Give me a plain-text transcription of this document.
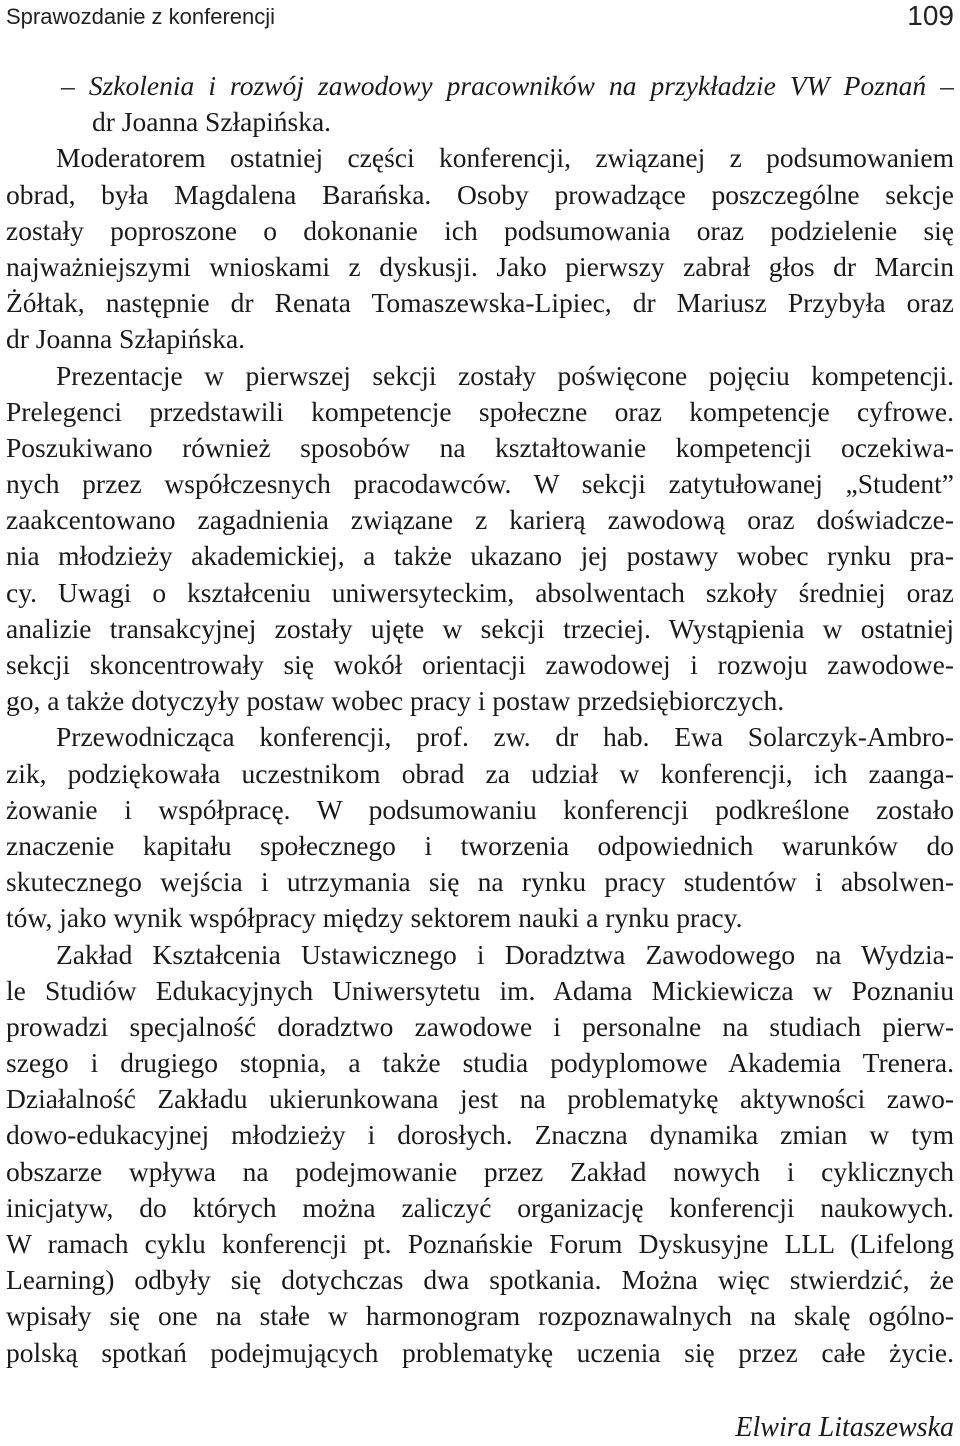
Sprawozdanie z konferencji	109
– Szkolenia i rozwój zawodowy pracowników na przykładzie VW Poznań –
dr Joanna Szłapińska.
Moderatorem ostatniej części konferencji, związanej z podsumowaniem
obrad, była Magdalena Barańska. Osoby prowadzące poszczególne sekcje
zostały poproszone o dokonanie ich podsumowania oraz podzielenie się
najważniejszymi wnioskami z dyskusji. Jako pierwszy zabrał głos dr Marcin
Żółtak, następnie dr Renata Tomaszewska-Lipiec, dr Mariusz Przybyła oraz
dr Joanna Szłapińska.
Prezentacje w pierwszej sekcji zostały poświęcone pojęciu kompetencji.
Prelegenci przedstawili kompetencje społeczne oraz kompetencje cyfrowe.
Poszukiwano również sposobów na kształtowanie kompetencji oczekiwa-
nych przez współczesnych pracodawców. W sekcji zatytułowanej „Student”
zaakcentowano zagadnienia związane z karierą zawodową oraz doświadcze-
nia młodzieży akademickiej, a także ukazano jej postawy wobec rynku pra-
cy. Uwagi o kształceniu uniwersyteckim, absolwentach szkoły średniej oraz
analizie transakcyjnej zostały ujęte w sekcji trzeciej. Wystąpienia w ostatniej
sekcji skoncentrowały się wokół orientacji zawodowej i rozwoju zawodowe-
go, a także dotyczyły postaw wobec pracy i postaw przedsiębiorczych.
Przewodnicząca konferencji, prof. zw. dr hab. Ewa Solarczyk-Ambro-
zik, podziękowała uczestnikom obrad za udział w konferencji, ich zaanga-
żowanie i współpracę. W podsumowaniu konferencji podkreślone zostało
znaczenie kapitału społecznego i tworzenia odpowiednich warunków do
skutecznego wejścia i utrzymania się na rynku pracy studentów i absolwen-
tów, jako wynik współpracy między sektorem nauki a rynku pracy.
Zakład Kształcenia Ustawicznego i Doradztwa Zawodowego na Wydzia-
le Studiów Edukacyjnych Uniwersytetu im. Adama Mickiewicza w Poznaniu
prowadzi specjalność doradztwo zawodowe i personalne na studiach pierw-
szego i drugiego stopnia, a także studia podyplomowe Akademia Trenera.
Działalność Zakładu ukierunkowana jest na problematykę aktywności zawo-
dowo-edukacyjnej młodzieży i dorosłych. Znaczna dynamika zmian w tym
obszarze wpływa na podejmowanie przez Zakład nowych i cyklicznych
inicjatyw, do których można zaliczyć organizację konferencji naukowych.
W ramach cyklu konferencji pt. Poznańskie Forum Dyskusyjne LLL (Lifelong
Learning) odbyły się dotychczas dwa spotkania. Można więc stwierdzić, że
wpisały się one na stałe w harmonogram rozpoznawalnych na skalę ogólno-
polską spotkań podejmujących problematykę uczenia się przez całe życie.
Elwira Litaszewska
